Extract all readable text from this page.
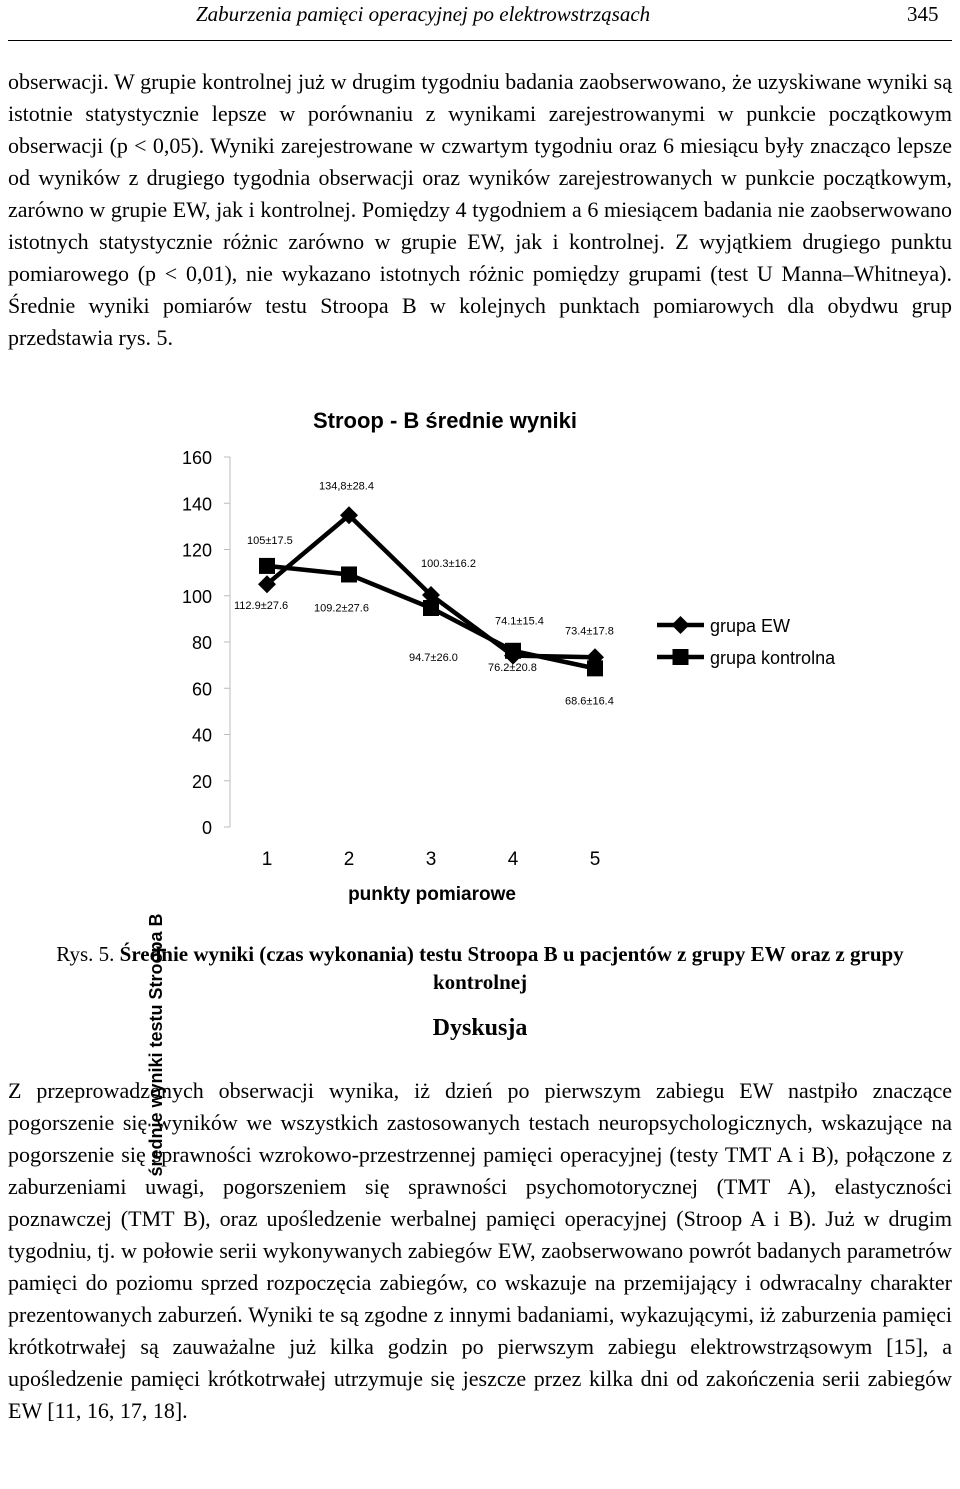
Zaburzenia pamięci operacyjnej po elektrowstrząsach	345

obserwacji. W grupie kontrolnej już w drugim tygodniu badania zaobserwowano, że uzyskiwane wyniki są istotnie statystycznie lepsze w porównaniu z wynikami zarejestrowanymi w punkcie początkowym obserwacji (p < 0,05). Wyniki zarejestrowane w czwartym tygodniu oraz 6 miesiącu były znacząco lepsze od wyników z drugiego tygodnia obserwacji oraz wyników zarejestrowanych w punkcie początkowym, zarówno w grupie EW, jak i kontrolnej. Pomiędzy 4 tygodniem a 6 miesiącem badania nie zaobserwowano istotnych statystycznie różnic zarówno w grupie EW, jak i kontrolnej. Z wyjątkiem drugiego punktu pomiarowego (p < 0,01), nie wykazano istotnych różnic pomiędzy grupami (test U Manna–Whitneya). Średnie wyniki pomiarów testu Stroopa B w kolejnych punktach pomiarowych dla obydwu grup przedstawia rys. 5.

Stroop - B średnie wyniki
średnie wyniki testu Stroopa B
punkty pomiarowe
0
20
40
60
80
100
120
140
160
1	2	3	4	5
105±17.5
134,8±28.4
100.3±16.2
74.1±15.4
73.4±17.8
112.9±27.6 109.2±27.6
94.7±26.0
76.2±20.8
68.6±16.4
grupa EW
grupa kontrolna
Rys. 5. Średnie wyniki (czas wykonania) testu Stroopa B u pacjentów z grupy EW oraz z grupy kontrolnej
Dyskusja

Z przeprowadzonych obserwacji wynika, iż dzień po pierwszym zabiegu EW nastpiło znaczące pogorszenie się wyników we wszystkich zastosowanych testach neuropsychologicznych, wskazujące na pogorszenie się sprawności wzrokowo-przestrzennej pamięci operacyjnej (testy TMT A i B), połączone z zaburzeniami uwagi, pogorszeniem się sprawności psychomotorycznej (TMT A), elastyczności poznawczej (TMT B), oraz upośledzenie werbalnej pamięci operacyjnej (Stroop A i B). Już w drugim tygodniu, tj. w połowie serii wykonywanych zabiegów EW, zaobserwowano powrót badanych parametrów pamięci do poziomu sprzed rozpoczęcia zabiegów, co wskazuje na przemijający i odwracalny charakter prezentowanych zaburzeń. Wyniki te są zgodne z innymi badaniami, wykazującymi, iż zaburzenia pamięci krótkotrwałej są zauważalne już kilka godzin po pierwszym zabiegu elektrowstrząsowym [15], a upośledzenie pamięci krótkotrwałej utrzymuje się jeszcze przez kilka dni od zakończenia serii zabiegów EW [11, 16, 17, 18].
